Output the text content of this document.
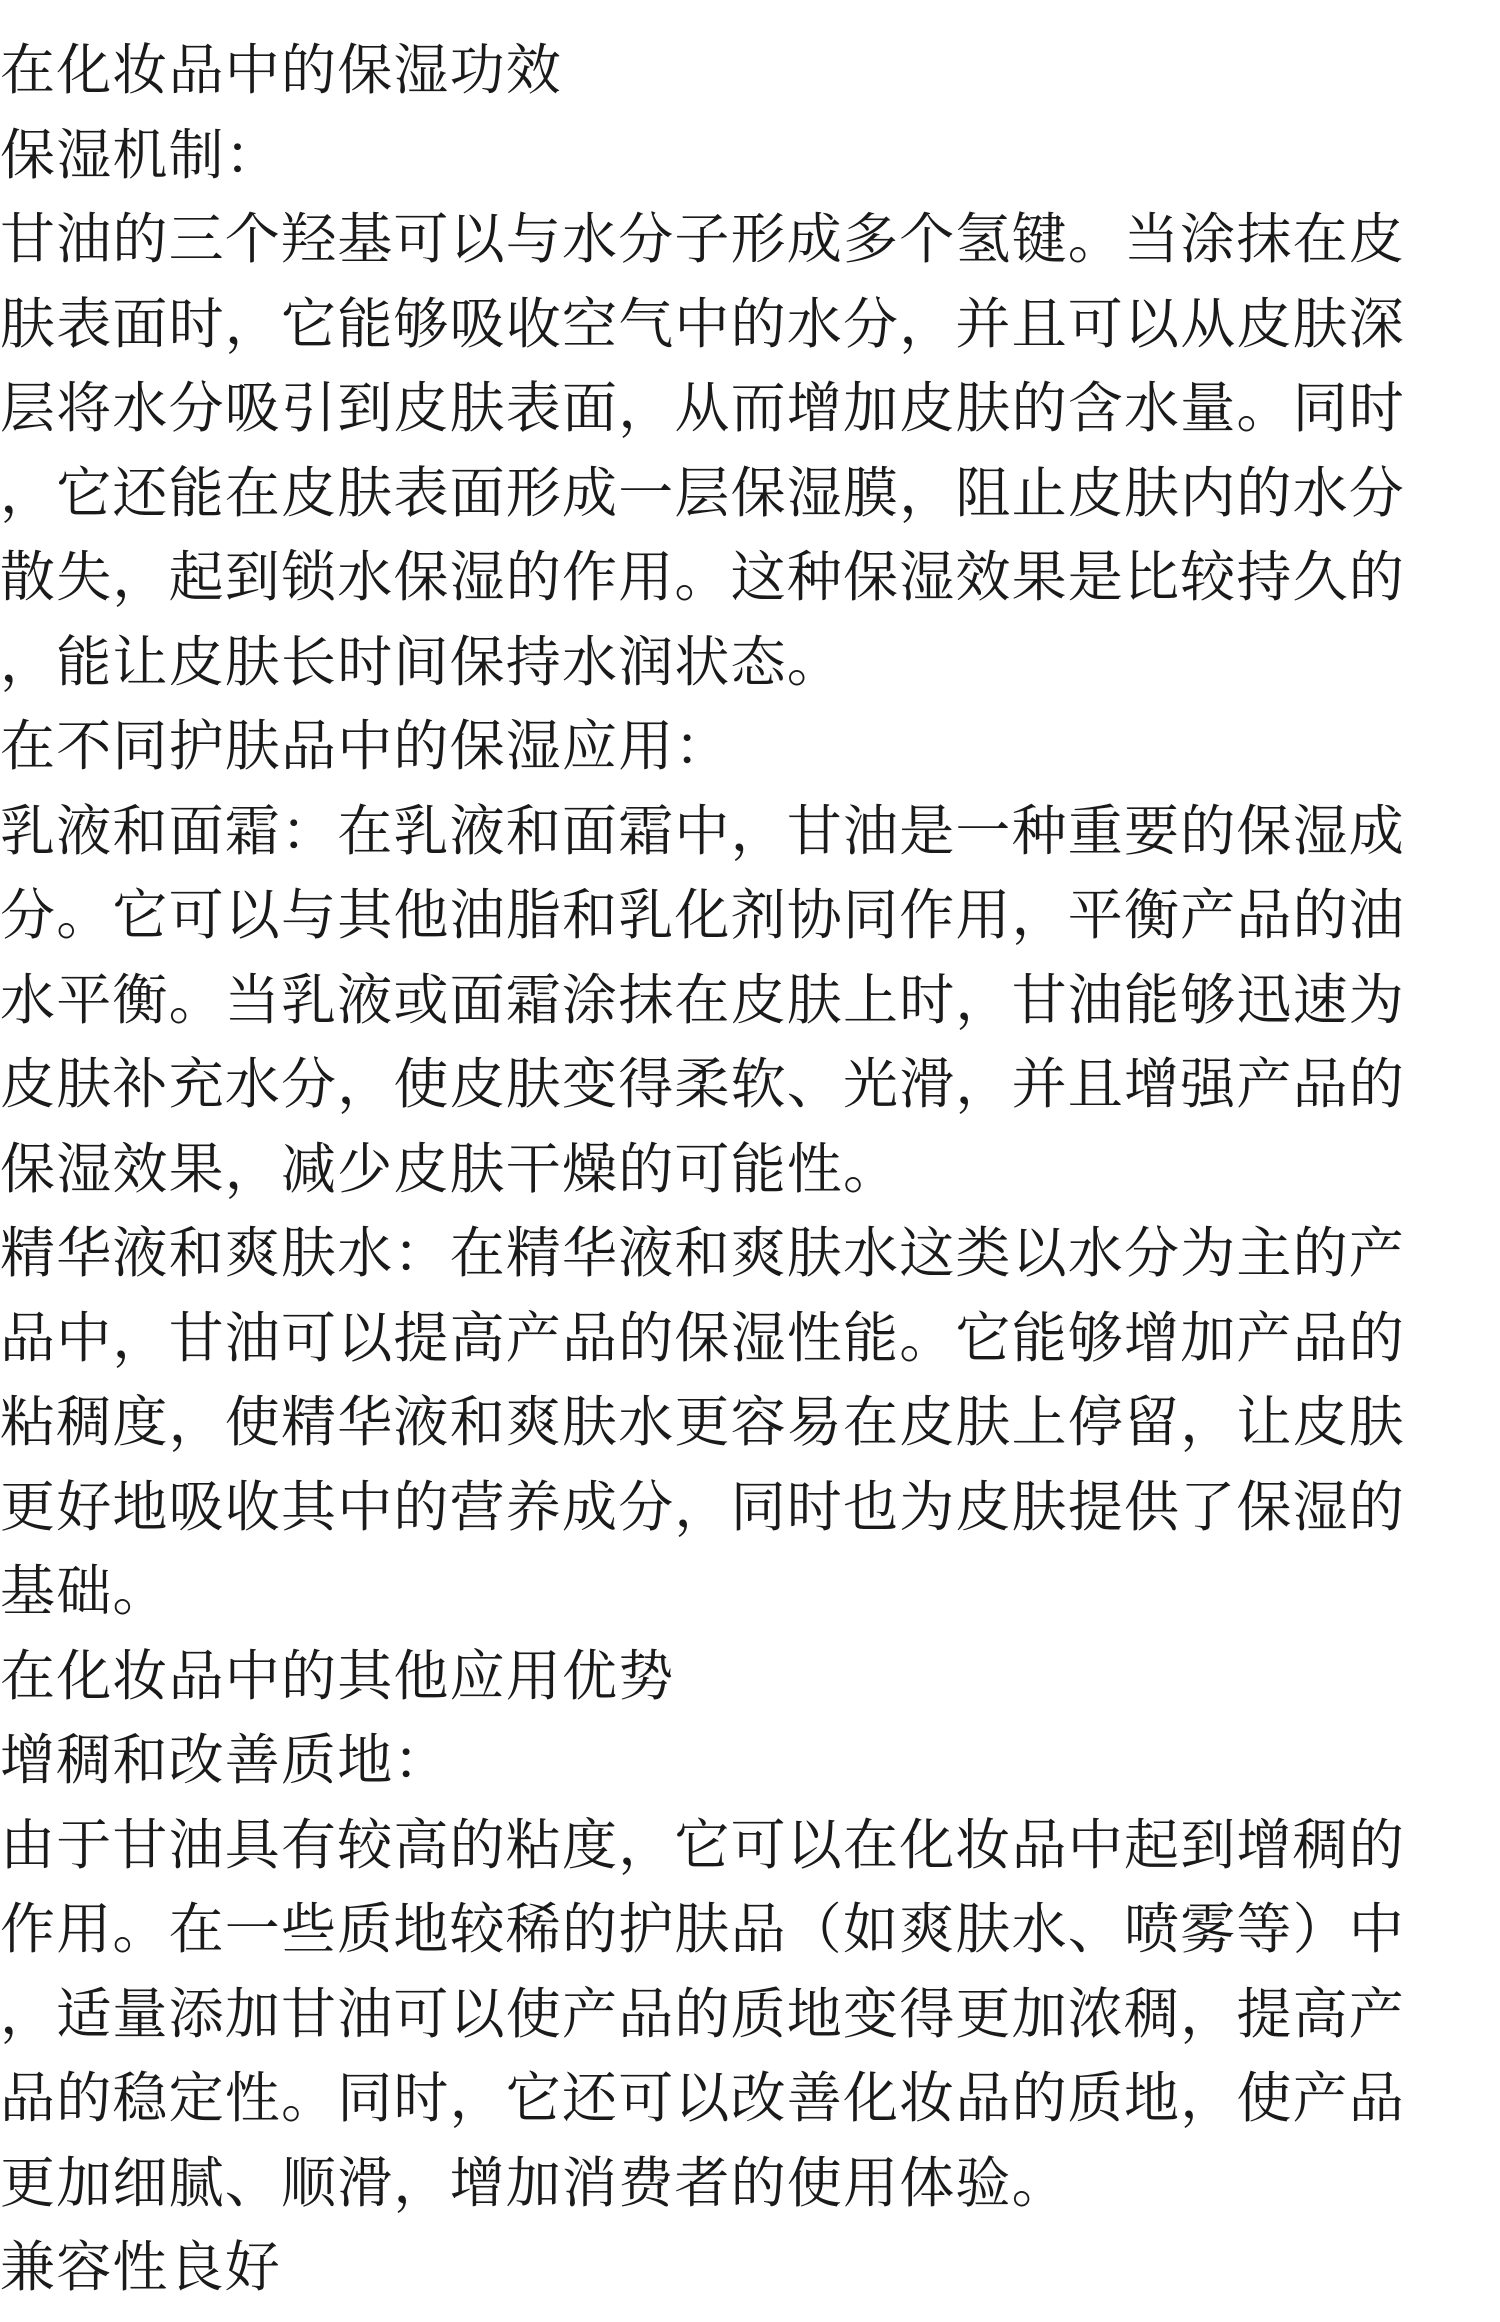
在化妆品中的保湿功效
保湿机制：
甘油的三个羟基可以与水分子形成多个氢键。当涂抹在皮
肤表面时，它能够吸收空气中的水分，并且可以从皮肤深
层将水分吸引到皮肤表面，从而增加皮肤的含水量。同时
，它还能在皮肤表面形成一层保湿膜，阻止皮肤内的水分
散失，起到锁水保湿的作用。这种保湿效果是比较持久的
，能让皮肤长时间保持水润状态。
在不同护肤品中的保湿应用：
乳液和面霜：在乳液和面霜中，甘油是一种重要的保湿成
分。它可以与其他油脂和乳化剂协同作用，平衡产品的油
水平衡。当乳液或面霜涂抹在皮肤上时，甘油能够迅速为
皮肤补充水分，使皮肤变得柔软、光滑，并且增强产品的
保湿效果，减少皮肤干燥的可能性。
精华液和爽肤水：在精华液和爽肤水这类以水分为主的产
品中，甘油可以提高产品的保湿性能。它能够增加产品的
粘稠度，使精华液和爽肤水更容易在皮肤上停留，让皮肤
更好地吸收其中的营养成分，同时也为皮肤提供了保湿的
基础。
在化妆品中的其他应用优势
增稠和改善质地：
由于甘油具有较高的粘度，它可以在化妆品中起到增稠的
作用。在一些质地较稀的护肤品（如爽肤水、喷雾等）中
，适量添加甘油可以使产品的质地变得更加浓稠，提高产
品的稳定性。同时，它还可以改善化妆品的质地，使产品
更加细腻、顺滑，增加消费者的使用体验。
兼容性良好
